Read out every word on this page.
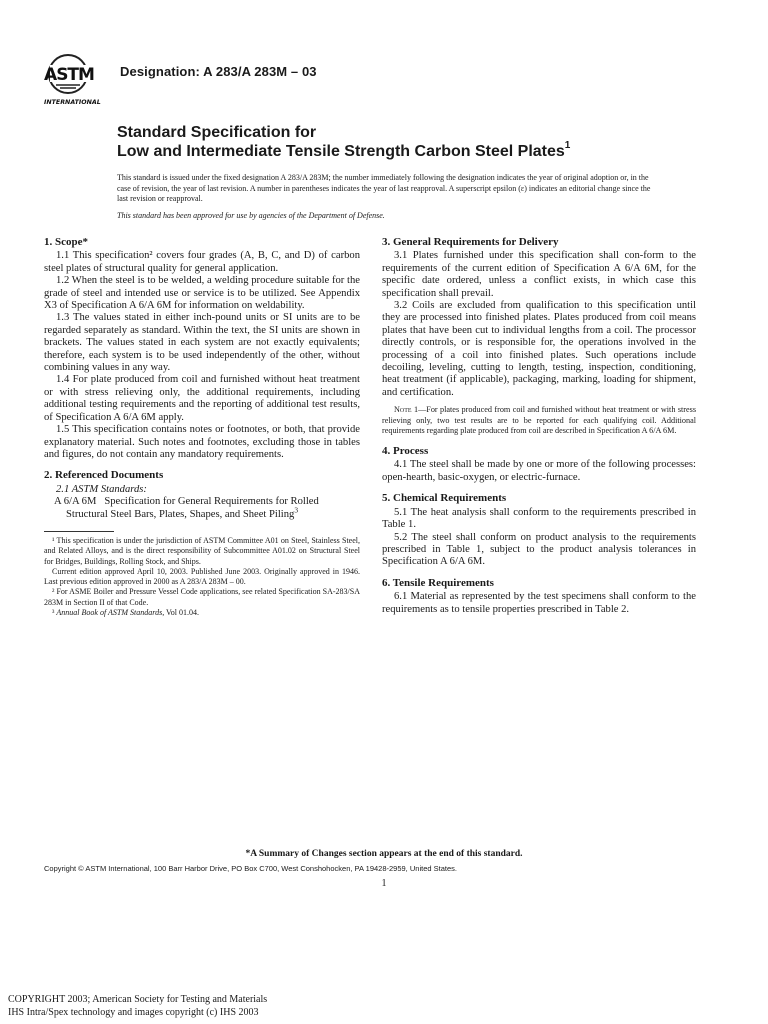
ASTM
INTERNATIONAL
Designation: A 283/A 283M – 03

Standard Specification for

Low and Intermediate Tensile Strength Carbon Steel Plates$^1$

This standard is issued under the fixed designation A 283/A 283M; the number immediately following the designation indicates the year of original adoption or, in the case of revision, the year of last revision. A number in parentheses indicates the year of last reapproval. A superscript epsilon (ε) indicates an editorial change since the last revision or reapproval.

This standard has been approved for use by agencies of the Department of Defense.

1. Scope*

1.1 This specification² covers four grades (A, B, C, and D) of carbon steel plates of structural quality for general application.

1.2 When the steel is to be welded, a welding procedure suitable for the grade of steel and intended use or service is to be utilized. See Appendix X3 of Specification A 6/A 6M for information on weldability.

1.3 The values stated in either inch-pound units or SI units are to be regarded separately as standard. Within the text, the SI units are shown in brackets. The values stated in each system are not exactly equivalents; therefore, each system is to be used independently of the other, without combining values in any way.

1.4 For plate produced from coil and furnished without heat treatment or with stress relieving only, the additional requirements, including additional testing requirements and the reporting of additional test results, of Specification A 6/A 6M apply.

1.5 This specification contains notes or footnotes, or both, that provide explanatory material. Such notes and footnotes, excluding those in tables and figures, do not contain any mandatory requirements.

2. Referenced Documents

2.1 ASTM Standards:

A 6/A 6M Specification for General Requirements for Rolled Structural Steel Bars, Plates, Shapes, and Sheet Piling$^3$

¹ This specification is under the jurisdiction of ASTM Committee A01 on Steel, Stainless Steel, and Related Alloys, and is the direct responsibility of Subcommittee A01.02 on Structural Steel for Bridges, Buildings, Rolling Stock, and Ships.

Current edition approved April 10, 2003. Published June 2003. Originally approved in 1946. Last previous edition approved in 2000 as A 283/A 283M – 00.

² For ASME Boiler and Pressure Vessel Code applications, see related Specification SA-283/SA 283M in Section II of that Code.

³ Annual Book of ASTM Standards, Vol 01.04.

3. General Requirements for Delivery

3.1 Plates furnished under this specification shall con-form to the requirements of the current edition of Specification A 6/A 6M, for the specific date ordered, unless a conflict exists, in which case this specification shall prevail.

3.2 Coils are excluded from qualification to this specification until they are processed into finished plates. Plates produced from coil means plates that have been cut to individual lengths from a coil. The processor directly controls, or is responsible for, the operations involved in the processing of a coil into finished plates. Such operations include decoiling, leveling, cutting to length, testing, inspection, conditioning, heat treatment (if applicable), packaging, marking, loading for shipment, and certification.

Note 1—For plates produced from coil and furnished without heat treatment or with stress relieving only, two test results are to be reported for each qualifying coil. Additional requirements regarding plate produced from coil are described in Specification A 6/A 6M.
4. Process

4.1 The steel shall be made by one or more of the following processes: open-hearth, basic-oxygen, or electric-furnace.

5. Chemical Requirements

5.1 The heat analysis shall conform to the requirements prescribed in Table 1.

5.2 The steel shall conform on product analysis to the requirements prescribed in Table 1, subject to the product analysis tolerances in Specification A 6/A 6M.

6. Tensile Requirements

6.1 Material as represented by the test specimens shall conform to the requirements as to tensile properties prescribed in Table 2.

*A Summary of Changes section appears at the end of this standard.
Copyright © ASTM International, 100 Barr Harbor Drive, PO Box C700, West Conshohocken, PA 19428-2959, United States.
1

COPYRIGHT 2003; American Society for Testing and Materials

IHS Intra/Spex technology and images copyright (c) IHS 2003
